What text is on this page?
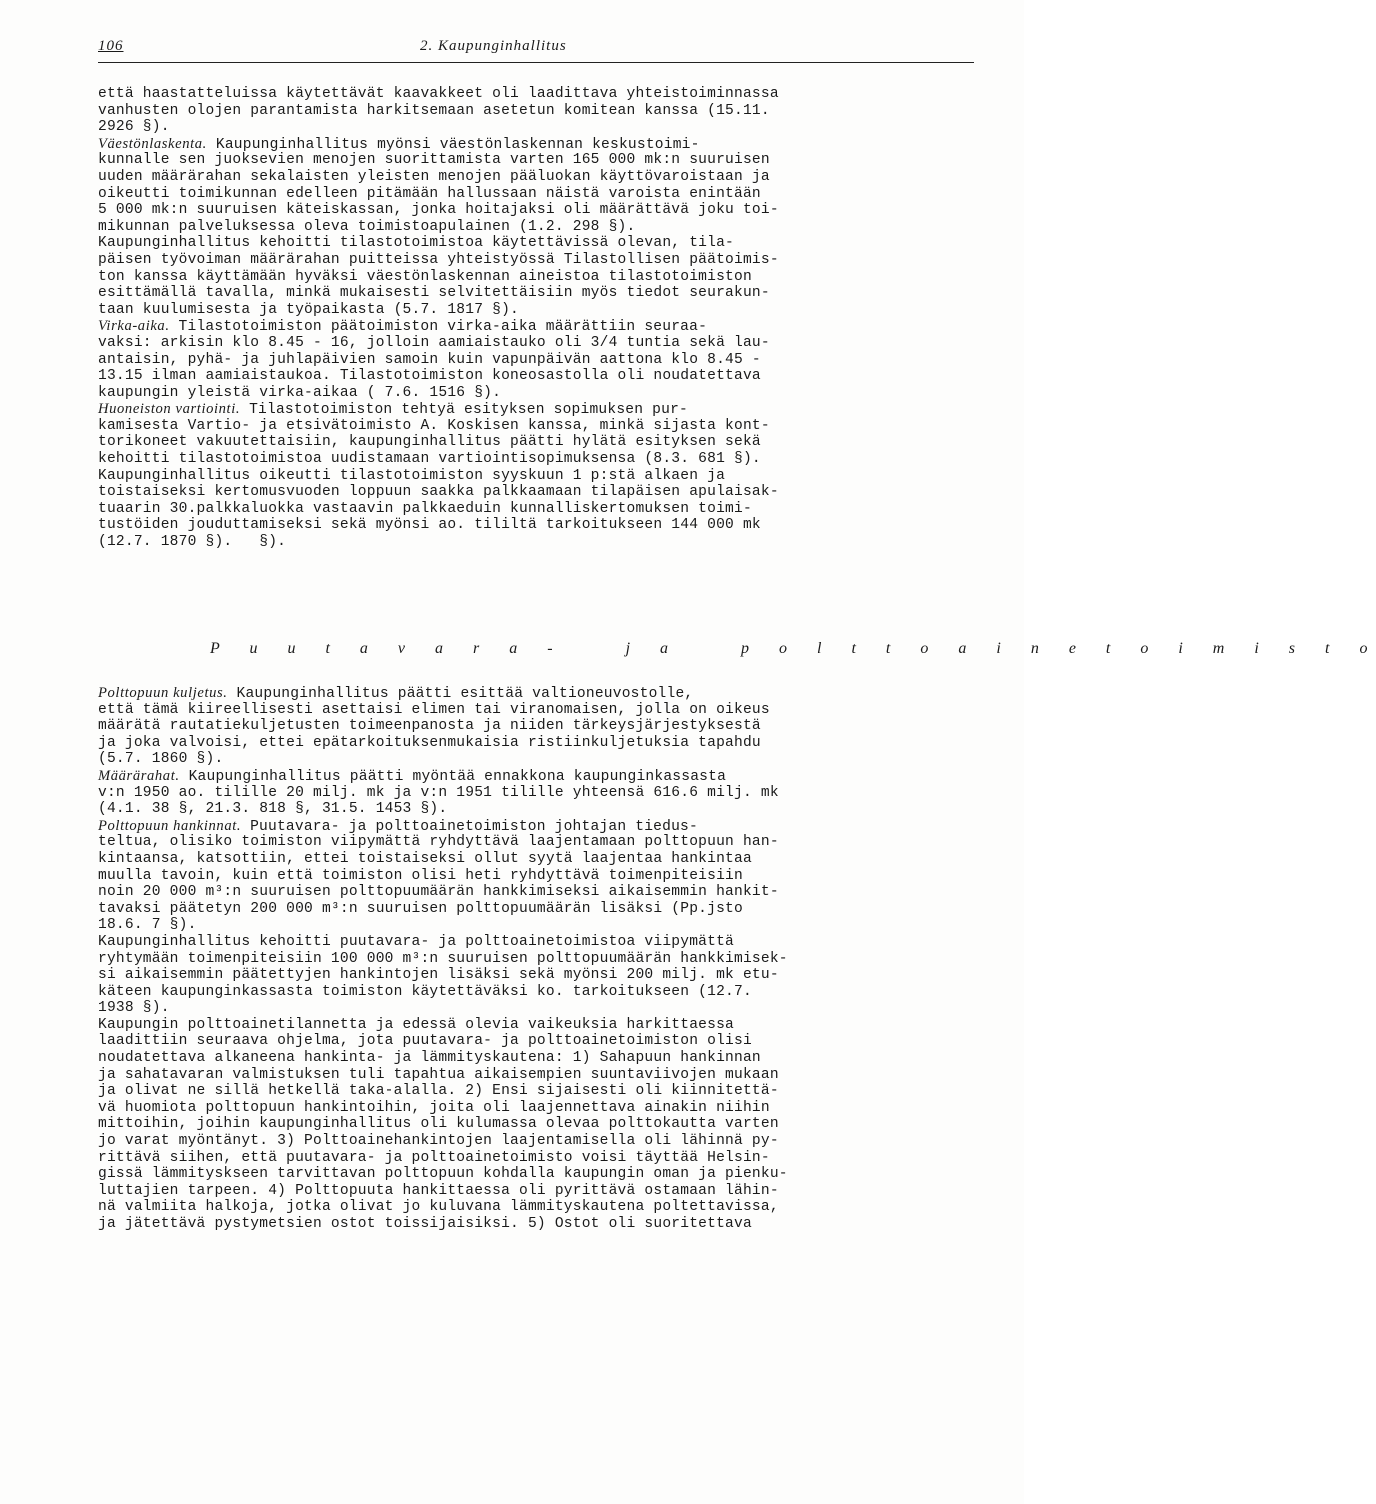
106	2. Kaupunginhallitus
että haastatteluissa käytettävät kaavakkeet oli laadittava yhteistoiminnassa
vanhusten olojen parantamista harkitsemaan asetetun komitean kanssa (15.11.
2926 §).
Väestönlaskenta. Kaupunginhallitus myönsi väestönlaskennan keskustoimi-
kunnalle sen juoksevien menojen suorittamista varten 165 000 mk:n suuruisen
uuden määrärahan sekalaisten yleisten menojen pääluokan käyttövaroistaan ja
oikeutti toimikunnan edelleen pitämään hallussaan näistä varoista enintään
5 000 mk:n suuruisen käteiskassan, jonka hoitajaksi oli määrättävä joku toi-
mikunnan palveluksessa oleva toimistoapulainen (1.2. 298 §).
Kaupunginhallitus kehoitti tilastotoimistoa käytettävissä olevan, tila-
päisen työvoiman määrärahan puitteissa yhteistyössä Tilastollisen päätoimis-
ton kanssa käyttämään hyväksi väestönlaskennan aineistoa tilastotoimiston
esittämällä tavalla, minkä mukaisesti selvitettäisiin myös tiedot seurakun-
taan kuulumisesta ja työpaikasta (5.7. 1817 §).
Virka-aika. Tilastotoimiston päätoimiston virka-aika määrättiin seuraa-
vaksi: arkisin klo 8.45 - 16, jolloin aamiaistauko oli 3/4 tuntia sekä lau-
antaisin, pyhä- ja juhlapäivien samoin kuin vapunpäivän aattona klo 8.45 -
13.15 ilman aamiaistaukoa. Tilastotoimiston koneosastolla oli noudatettava
kaupungin yleistä virka-aikaa ( 7.6. 1516 §).
Huoneiston vartiointi. Tilastotoimiston tehtyä esityksen sopimuksen pur-
kamisesta Vartio- ja etsivätoimisto A. Koskisen kanssa, minkä sijasta kont-
torikoneet vakuutettaisiin, kaupunginhallitus päätti hylätä esityksen sekä
kehoitti tilastotoimistoa uudistamaan vartiointisopimuksensa (8.3. 681 §).
Kaupunginhallitus oikeutti tilastotoimiston syyskuun 1 p:stä alkaen ja
toistaiseksi kertomusvuoden loppuun saakka palkkaamaan tilapäisen apulaisak-
tuaarin 30.palkkaluokka vastaavin palkkaeduin kunnalliskertomuksen toimi-
tustöiden jouduttamiseksi sekä myönsi ao. tililtä tarkoitukseen 144 000 mk
(12.7. 1870 §).   §).
P u u t a v a r a -   j a   p o l t t o a i n e t o i m i s t o
Polttopuun kuljetus. Kaupunginhallitus päätti esittää valtioneuvostolle,
että tämä kiireellisesti asettaisi elimen tai viranomaisen, jolla on oikeus
määrätä rautatiekuljetusten toimeenpanosta ja niiden tärkeysjärjestyksestä
ja joka valvoisi, ettei epätarkoituksenmukaisia ristiinkuljetuksia tapahdu
(5.7. 1860 §).
Määrärahat. Kaupunginhallitus päätti myöntää ennakkona kaupunginkassasta
v:n 1950 ao. tilille 20 milj. mk ja v:n 1951 tilille yhteensä 616.6 milj. mk
(4.1. 38 §, 21.3. 818 §, 31.5. 1453 §).
Polttopuun hankinnat. Puutavara- ja polttoainetoimiston johtajan tiedus-
teltua, olisiko toimiston viipymättä ryhdyttävä laajentamaan polttopuun han-
kintaansa, katsottiin, ettei toistaiseksi ollut syytä laajentaa hankintaa
muulla tavoin, kuin että toimiston olisi heti ryhdyttävä toimenpiteisiin
noin 20 000 m³:n suuruisen polttopuumäärän hankkimiseksi aikaisemmin hankit-
tavaksi päätetyn 200 000 m³:n suuruisen polttopuumäärän lisäksi (Pp.jsto
18.6. 7 §).
Kaupunginhallitus kehoitti puutavara- ja polttoainetoimistoa viipymättä
ryhtymään toimenpiteisiin 100 000 m³:n suuruisen polttopuumäärän hankkimisek-
si aikaisemmin päätettyjen hankintojen lisäksi sekä myönsi 200 milj. mk etu-
käteen kaupunginkassasta toimiston käytettäväksi ko. tarkoitukseen (12.7.
1938 §).
Kaupungin polttoainetilannetta ja edessä olevia vaikeuksia harkittaessa
laadittiin seuraava ohjelma, jota puutavara- ja polttoainetoimiston olisi
noudatettava alkaneena hankinta- ja lämmityskautena: 1) Sahapuun hankinnan
ja sahatavaran valmistuksen tuli tapahtua aikaisempien suuntaviivojen mukaan
ja olivat ne sillä hetkellä taka-alalla. 2) Ensi sijaisesti oli kiinnitettä-
vä huomiota polttopuun hankintoihin, joita oli laajennettava ainakin niihin
mittoihin, joihin kaupunginhallitus oli kulumassa olevaa polttokautta varten
jo varat myöntänyt. 3) Polttoainehankintojen laajentamisella oli lähinnä py-
rittävä siihen, että puutavara- ja polttoainetoimisto voisi täyttää Helsin-
gissä lämmityskseen tarvittavan polttopuun kohdalla kaupungin oman ja pienku-
luttajien tarpeen. 4) Polttopuuta hankittaessa oli pyrittävä ostamaan lähin-
nä valmiita halkoja, jotka olivat jo kuluvana lämmityskautena poltettavissa,
ja jätettävä pystymetsien ostot toissijaisiksi. 5) Ostot oli suoritettava
